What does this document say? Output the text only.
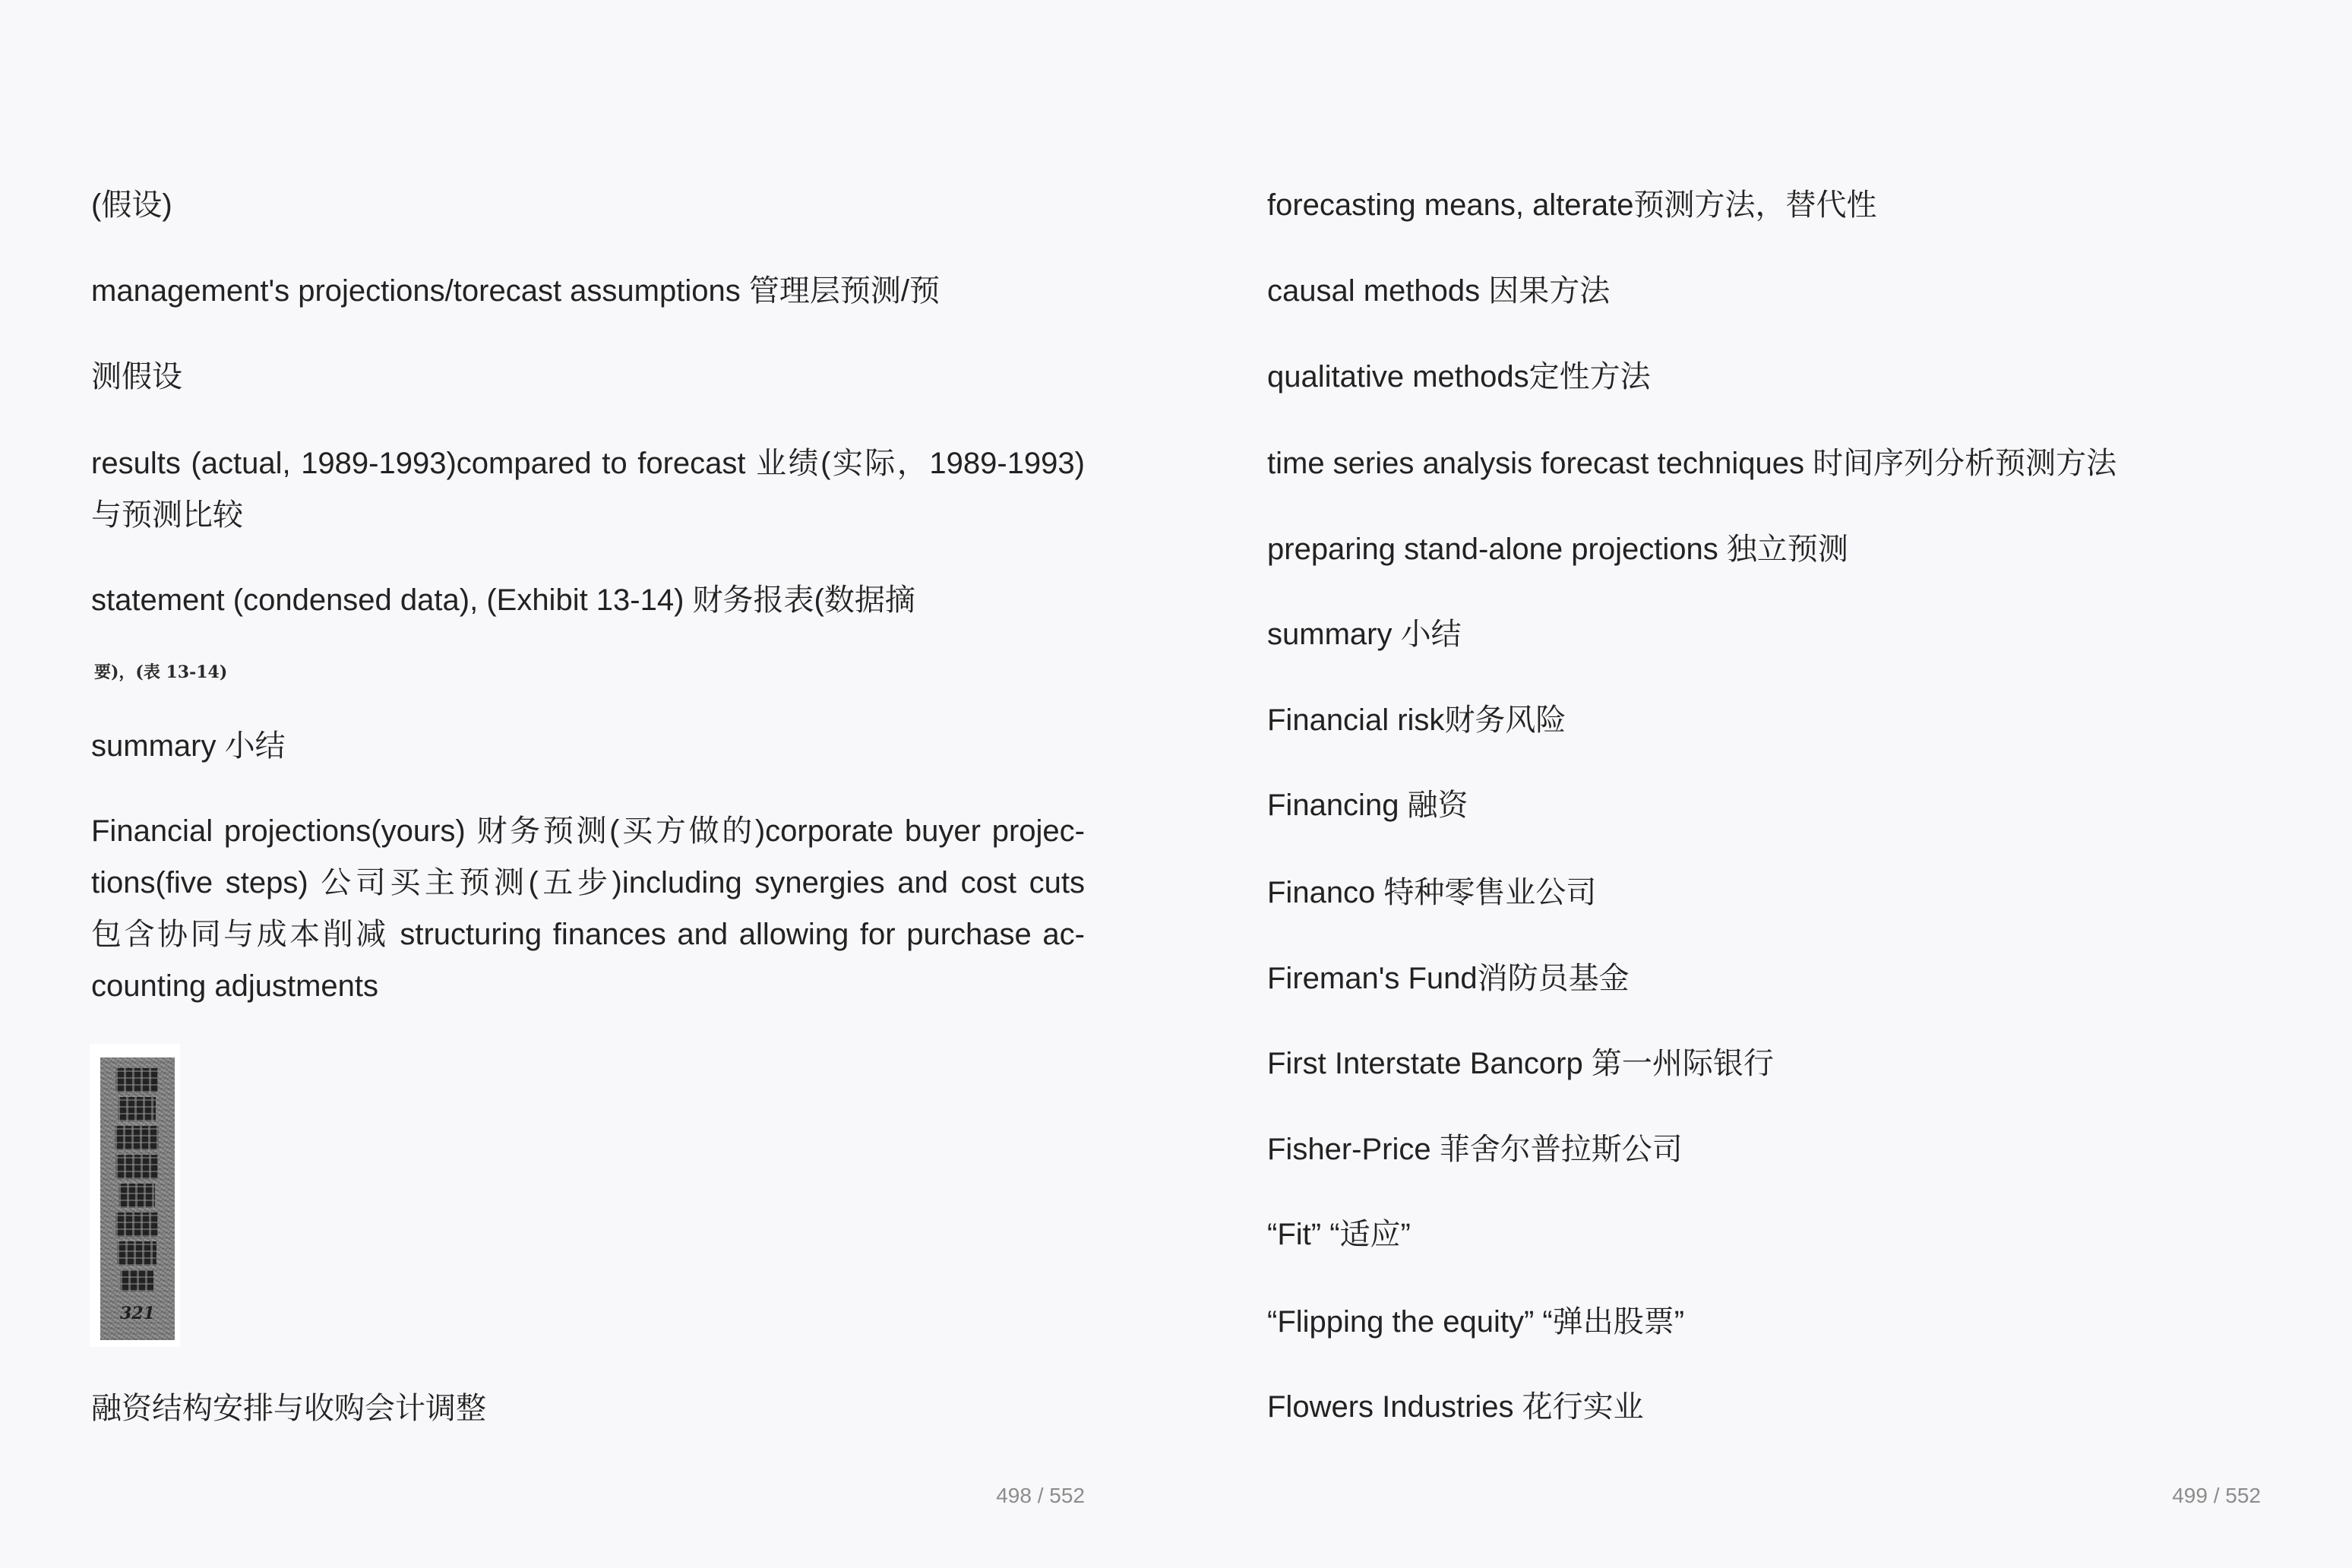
(假设)
management's projections/torecast assumptions 管理层预测/预
测假设
results (actual, 1989-1993)compared to forecast 业绩(实际，1989-1993)
与预测比较
statement (condensed data), (Exhibit 13-14) 财务报表(数据摘
要)，(表 13-14)
summary 小结
Financial projections(yours) 财务预测(买方做的)corporate buyer projec-
tions(five steps) 公司买主预测(五步)including synergies and cost cuts
包含协同与成本削减 structuring finances and allowing for purchase ac-
counting adjustments
321
融资结构安排与收购会计调整
498 / 552
forecasting means, alterate预测方法，替代性
causal methods 因果方法
qualitative methods定性方法
time series analysis forecast techniques 时间序列分析预测方法
preparing stand-alone projections 独立预测
summary 小结
Financial risk财务风险
Financing 融资
Financo 特种零售业公司
Fireman's Fund消防员基金
First Interstate Bancorp 第一州际银行
Fisher-Price 菲舍尔普拉斯公司
“Fit” “适应”
“Flipping the equity” “弹出股票”
Flowers Industries 花行实业
499 / 552
